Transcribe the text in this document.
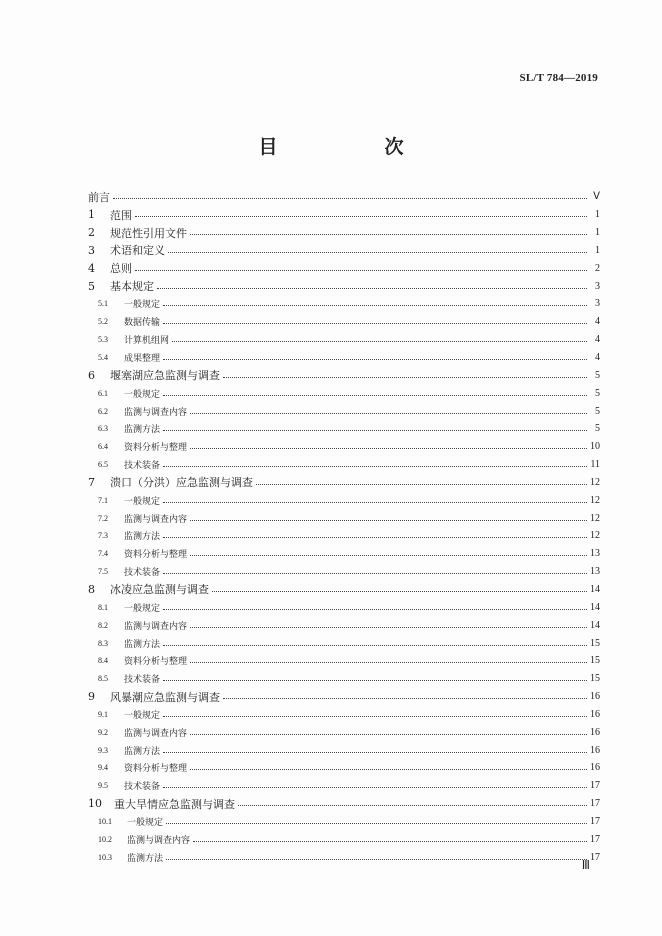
SL/T 784—2019
目　次
前言	Ⅴ
1 范围	1
2 规范性引用文件	1
3 术语和定义	1
4 总则	2
5 基本规定	3
5.1 一般规定	3
5.2 数据传输	4
5.3 计算机组网	4
5.4 成果整理	4
6 堰塞湖应急监测与调查	5
6.1 一般规定	5
6.2 监测与调查内容	5
6.3 监测方法	5
6.4 资料分析与整理	10
6.5 技术装备	11
7 溃口（分洪）应急监测与调查	12
7.1 一般规定	12
7.2 监测与调查内容	12
7.3 监测方法	12
7.4 资料分析与整理	13
7.5 技术装备	13
8 冰凌应急监测与调查	14
8.1 一般规定	14
8.2 监测与调查内容	14
8.3 监测方法	15
8.4 资料分析与整理	15
8.5 技术装备	15
9 风暴潮应急监测与调查	16
9.1 一般规定	16
9.2 监测与调查内容	16
9.3 监测方法	16
9.4 资料分析与整理	16
9.5 技术装备	17
10 重大旱情应急监测与调查	17
10.1 一般规定	17
10.2 监测与调查内容	17
10.3 监测方法	17
Ⅲ
